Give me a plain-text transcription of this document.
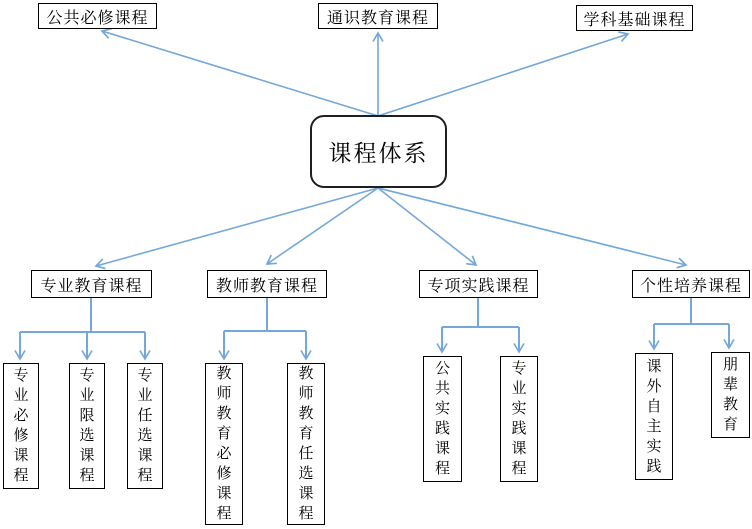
课程体系
公共必修课程	通识教育课程	学科基础课程
专业教育课程	教师教育课程	专项实践课程	个性培养课程
专业必修课程
专业限选课程
专业任选课程
教师教育必修课程
教师教育任选课程
公共实践课程
专业实践课程
课外自主实践
朋辈教育
